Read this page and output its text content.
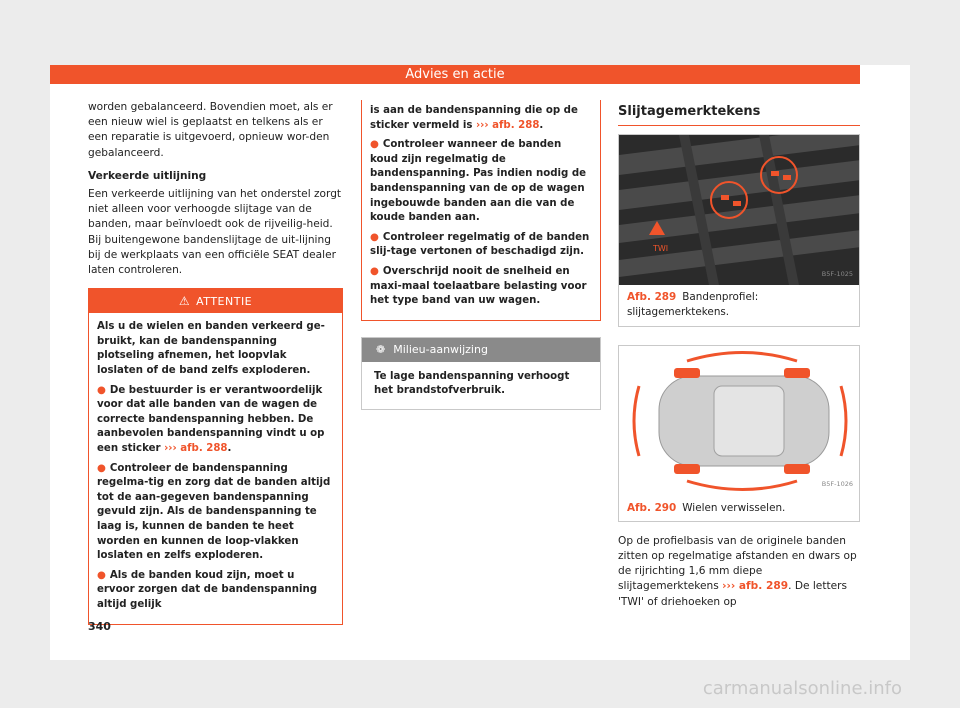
Advies en actie

worden gebalanceerd. Bovendien moet, als er een nieuw wiel is geplaatst en telkens als er een reparatie is uitgevoerd, opnieuw wor-den gebalanceerd.

Verkeerde uitlijning

Een verkeerde uitlijning van het onderstel zorgt niet alleen voor verhoogde slijtage van de banden, maar beïnvloedt ook de rijveilig-heid. Bij buitengewone bandenslijtage de uit-lijning bij de werkplaats van een officiële SEAT dealer laten controleren.

⚠ ATTENTIE

Als u de wielen en banden verkeerd ge-bruikt, kan de bandenspanning plotseling afnemen, het loopvlak loslaten of de band zelfs exploderen.

● De bestuurder is er verantwoordelijk voor dat alle banden van de wagen de correcte bandenspanning hebben. De aanbevolen bandenspanning vindt u op een sticker ››› afb. 288.

● Controleer de bandenspanning regelma-tig en zorg dat de banden altijd tot de aan-gegeven bandenspanning gevuld zijn. Als de bandenspanning te laag is, kunnen de banden te heet worden en kunnen de loop-vlakken loslaten en zelfs exploderen.

● Als de banden koud zijn, moet u ervoor zorgen dat de bandenspanning altijd gelijk

is aan de bandenspanning die op de sticker vermeld is ››› afb. 288.

● Controleer wanneer de banden koud zijn regelmatig de bandenspanning. Pas indien nodig de bandenspanning van de op de wagen ingebouwde banden aan die van de koude banden aan.

● Controleer regelmatig of de banden slij-tage vertonen of beschadigd zijn.

● Overschrijd nooit de snelheid en maxi-maal toelaatbare belasting voor het type band van uw wagen.

❁ Milieu-aanwijzing
Te lage bandenspanning verhoogt het brandstofverbruik.
Slijtagemerktekens
TWI
B5F-1025
Afb. 289 Bandenprofiel: slijtagemerktekens.
B5F-1026
Afb. 290 Wielen verwisselen.

Op de profielbasis van de originele banden zitten op regelmatige afstanden en dwars op de rijrichting 1,6 mm diepe slijtagemerktekens ››› afb. 289. De letters 'TWI' of driehoeken op

340
carmanualsonline.info
